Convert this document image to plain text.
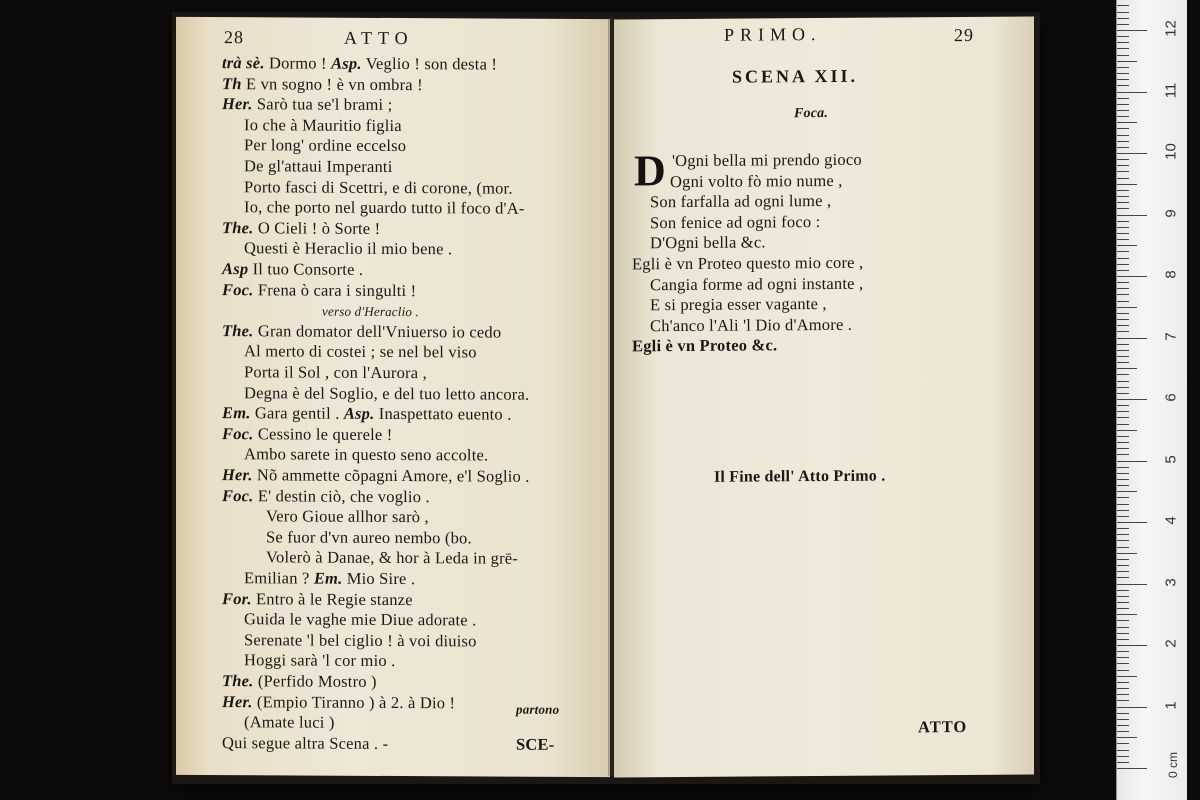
28	ATTO
trà sè. Dormo ! Asp. Veglio ! son desta !
Th E vn sogno ! è vn ombra !
Her. Sarò tua se'l brami ;
Io che à Mauritio figlia
Per long' ordine eccelso
De gl'attaui Imperanti
Porto fasci di Scettri, e di corone, (mor.
Io, che porto nel guardo tutto il foco d'A-
The. O Cieli ! ò Sorte !
Questi è Heraclio il mio bene .
Asp Il tuo Consorte .
Foc. Frena ò cara i singulti !
verso d'Heraclio .
The. Gran domator dell'Vniuerso io cedo
Al merto di costei ; se nel bel viso
Porta il Sol , con l'Aurora ,
Degna è del Soglio, e del tuo letto ancora.
Em. Gara gentil . Asp. Inaspettato euento .
Foc. Cessino le querele !
Ambo sarete in questo seno accolte.
Her. Nõ ammette cõpagni Amore, e'l Soglio .
Foc. E' destin ciò, che voglio .
Vero Gioue allhor sarò ,
Se fuor d'vn aureo nembo (bo.
Volerò à Danae, & hor à Leda in grē-
Emilian ? Em. Mio Sire .
For. Entro à le Regie stanze
Guida le vaghe mie Diue adorate .
Serenate 'l bel ciglio ! à voi diuiso
Hoggi sarà 'l cor mio .
The. (Perfido Mostro )
Her. (Empio Tiranno ) à 2. à Dio !
(Amate luci )
partono
Qui segue altra Scena . -	SCE-
PRIMO.	29
SCENA XII.
Foca.
D 'Ogni bella mi prendo gioco
Ogni volto fò mio nume ,
Son farfalla ad ogni lume ,
Son fenice ad ogni foco :
D'Ogni bella &c.
Egli è vn Proteo questo mio core ,
Cangia forme ad ogni instante ,
E si pregia esser vagante ,
Ch'anco l'Ali 'l Dio d'Amore .
Egli è vn Proteo &c.
Il Fine dell' Atto Primo .
ATTO
0 cm
1
2
3
4
5
6
7
8
9
10
11
12
